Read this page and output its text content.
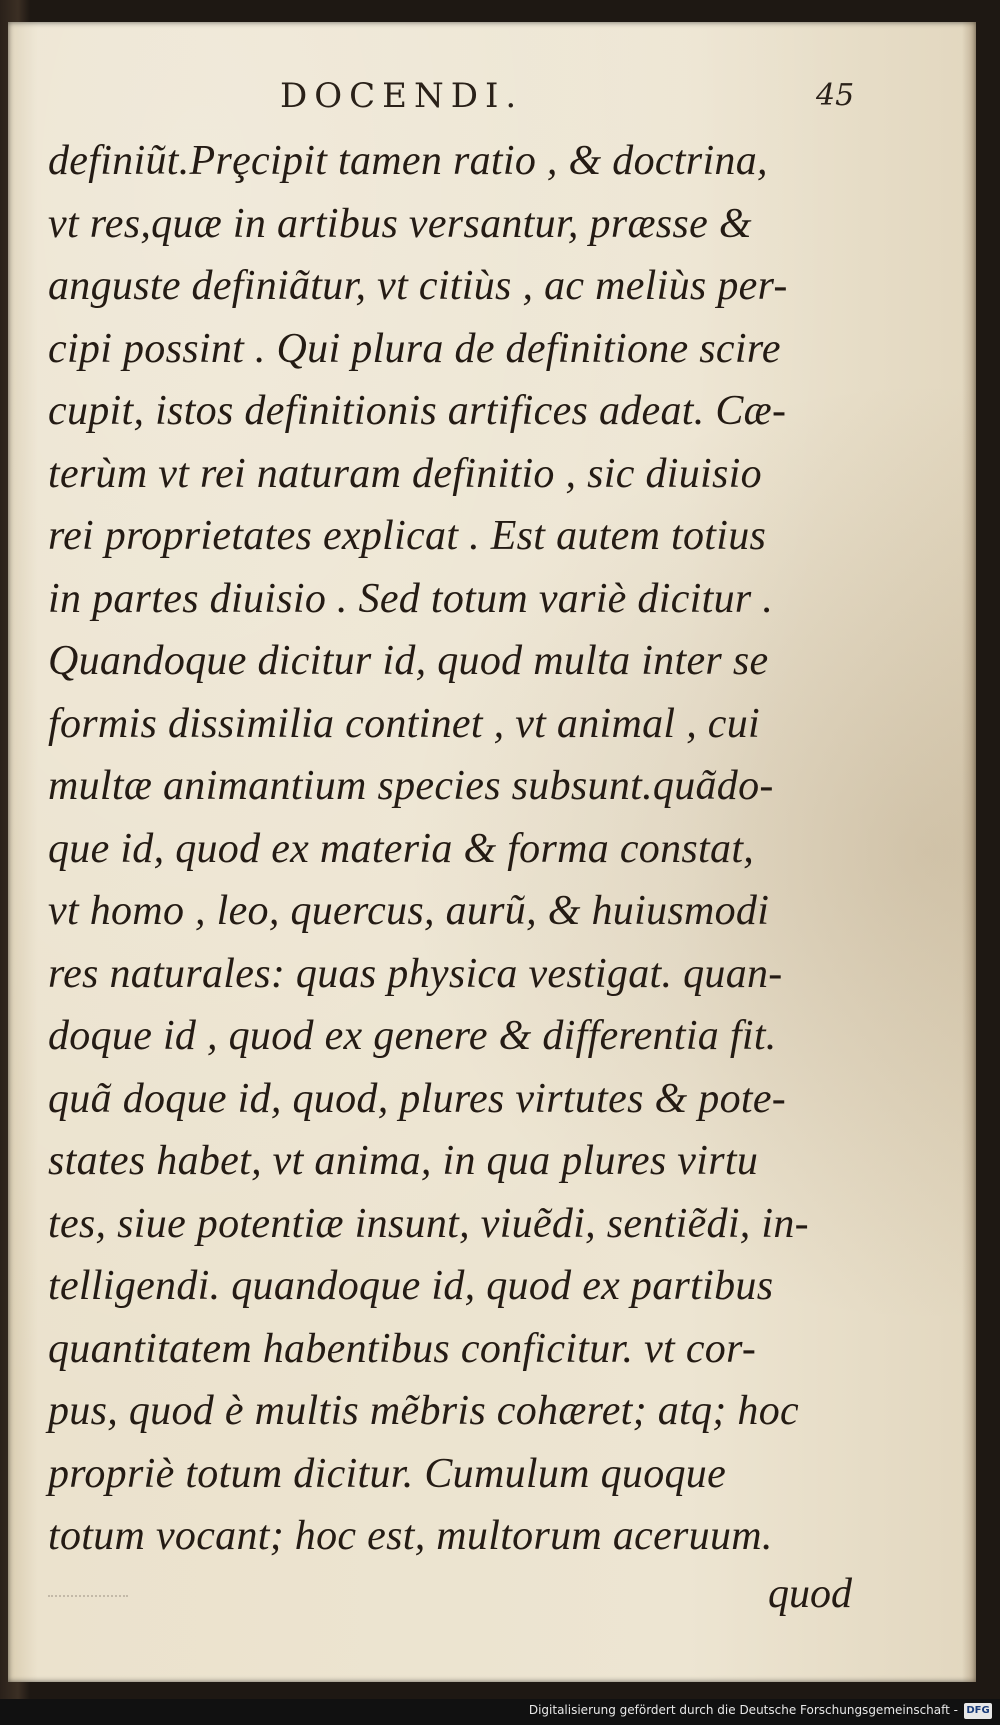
DOCENDI.	45
definiũt.Prȩcipit tamen ratio , & doctrina,
vt res,quæ in artibus versantur, præsse &
anguste definiãtur, vt citiùs , ac meliùs per-
cipi possint . Qui plura de definitione scire
cupit, istos definitionis artifices adeat. Cæ-
terùm vt rei naturam definitio , sic diuisio
rei proprietates explicat . Est autem totius
in partes diuisio . Sed totum variè dicitur .
Quandoque dicitur id, quod multa inter se
formis dissimilia continet , vt animal , cui
multæ animantium species subsunt.quãdo-
que id, quod ex materia & forma constat,
vt homo , leo, quercus, aurũ, & huiusmodi
res naturales: quas physica vestigat. quan-
doque id , quod ex genere & differentia fit.
quã doque id, quod, plures virtutes & pote-
states habet, vt anima, in qua plures virtu
tes, siue potentiæ insunt, viuẽdi, sentiẽdi, in-
telligendi. quandoque id, quod ex partibus
quantitatem habentibus conficitur. vt cor-
pus, quod è multis mẽbris cohæret; atq; hoc
propriè totum dicitur. Cumulum quoque
totum vocant; hoc est, multorum aceruum.
quod
Digitalisierung gefördert durch die Deutsche Forschungsgemeinschaft - DFG
